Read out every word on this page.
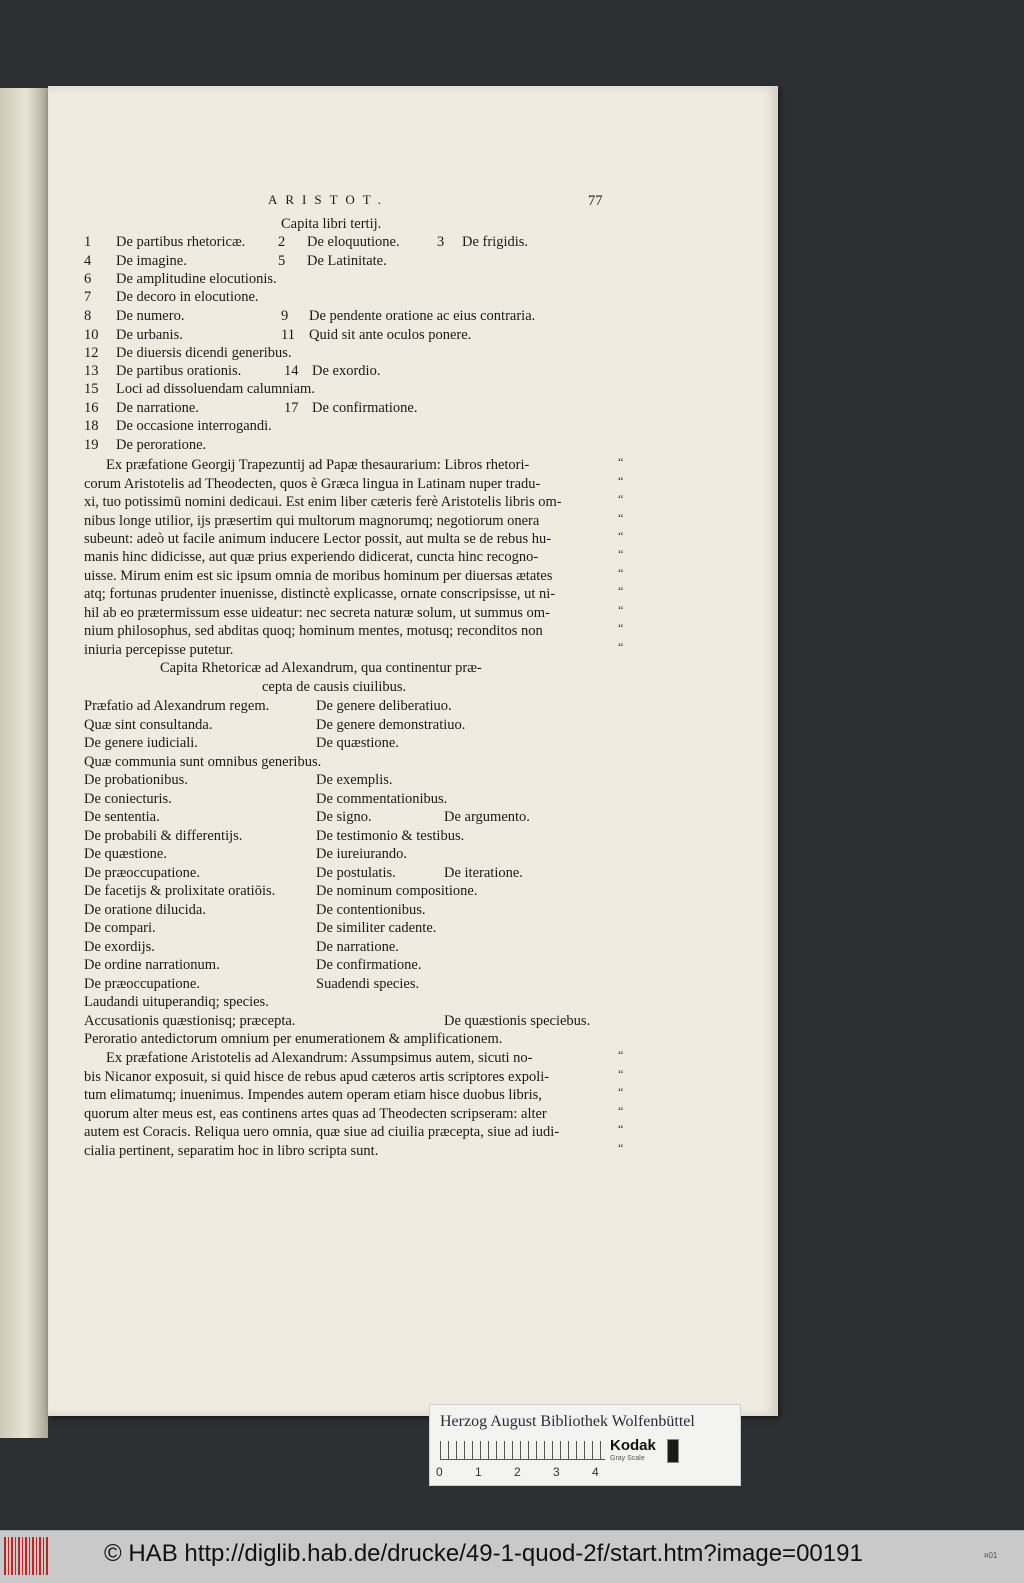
ARISTOT.	77
Capita libri tertij.
1 De partibus rhetoricæ. 2 De eloquutione.	3 De frigidis.
4 De imagine.	5 De Latinitate.
6 De amplitudine elocutionis.
7 De decoro in elocutione.
8 De numero.	9 De pendente oratione ac eius contraria.
10 De urbanis.	11 Quid sit ante oculos ponere.
12 De diuersis dicendi generibus.
13 De partibus orationis.	14 De exordio.
15 Loci ad dissoluendam calumniam.
16 De narratione.	17 De confirmatione.
18 De occasione interrogandi.
19 De peroratione.
Ex præfatione Georgij Trapezuntij ad Papæ thesaurarium: Libros rhetori-
corum Aristotelis ad Theodecten, quos è Græca lingua in Latinam nuper tradu-
xi, tuo potissimū nomini dedicaui. Est enim liber cæteris ferè Aristotelis libris om-
nibus longe utilior, ijs præsertim qui multorum magnorumq; negotiorum onera
subeunt: adeò ut facile animum inducere Lector possit, aut multa se de rebus hu-
manis hinc didicisse, aut quæ prius experiendo didicerat, cuncta hinc recogno-
uisse. Mirum enim est sic ipsum omnia de moribus hominum per diuersas ætates
atq; fortunas prudenter inuenisse, distinctè explicasse, ornate conscripsisse, ut ni-
hil ab eo prætermissum esse uideatur: nec secreta naturæ solum, ut summus om-
nium philosophus, sed abditas quoq; hominum mentes, motusq; reconditos non
iniuria percepisse putetur.
“
“
“
“
“
“
“
“
“
“
“
Capita Rhetoricæ ad Alexandrum, qua continentur præ-
cepta de causis ciuilibus.
Præfatio ad Alexandrum regem.	De genere deliberatiuo.
Quæ sint consultanda.	De genere demonstratiuo.
De genere iudiciali.	De quæstione.
Quæ communia sunt omnibus generibus.
De probationibus.	De exemplis.
De coniecturis.	De commentationibus.
De sententia.	De signo.	De argumento.
De probabili & differentijs.	De testimonio & testibus.
De quæstione.	De iureiurando.
De præoccupatione.	De postulatis.	De iteratione.
De facetijs & prolixitate oratiōis.	De nominum compositione.
De oratione dilucida.	De contentionibus.
De compari.	De similiter cadente.
De exordijs.	De narratione.
De ordine narrationum.	De confirmatione.
De præoccupatione.	Suadendi species.
Laudandi uituperandiq; species.
Accusationis quæstionisq; præcepta.	De quæstionis speciebus.
Peroratio antedictorum omnium per enumerationem & amplificationem.
Ex præfatione Aristotelis ad Alexandrum: Assumpsimus autem, sicuti no-
bis Nicanor exposuit, si quid hisce de rebus apud cæteros artis scriptores expoli-
tum elimatumq; inuenimus. Impendes autem operam etiam hisce duobus libris,
quorum alter meus est, eas continens artes quas ad Theodecten scripseram: alter
autem est Coracis. Reliqua uero omnia, quæ siue ad ciuilia præcepta, siue ad iudi-
cialia pertinent, separatim hoc in libro scripta sunt.
“
“
“
“
“
“
Herzog August Bibliothek Wolfenbüttel
0	1	2	3	4
Kodak
Gray Scale
© HAB http://diglib.hab.de/drucke/49-1-quod-2f/start.htm?image=00191	¤01
